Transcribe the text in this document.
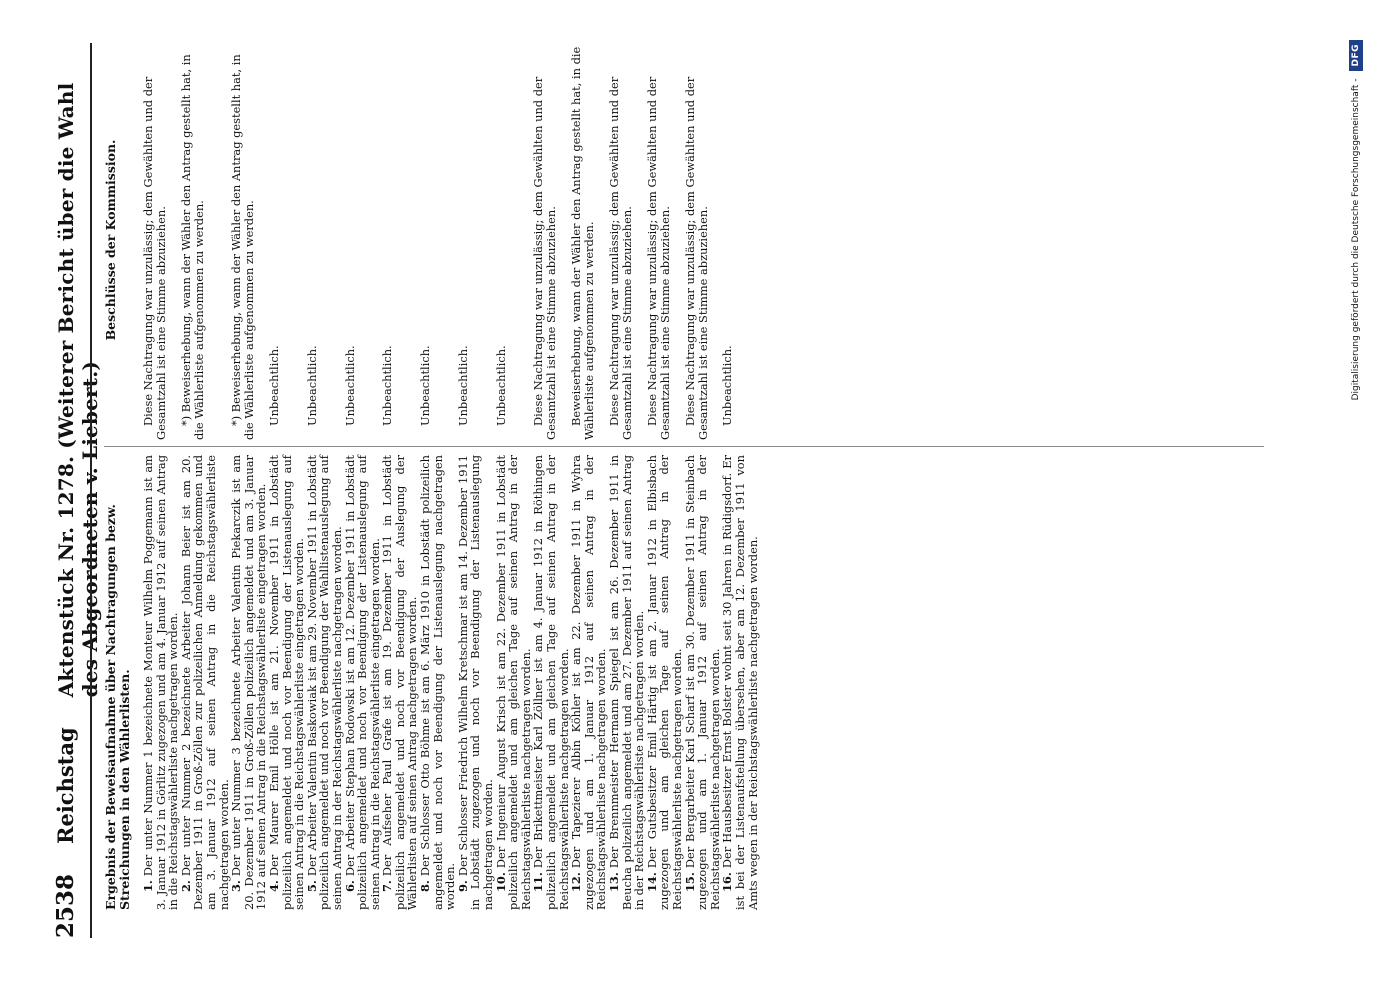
2538
Reichstag
Aktenstück Nr. 1278. (Weiterer Bericht über die Wahl des Abgeordneten v. Liebert.) Ergebnis der Beweisaufnahme über Nachtragungen bezw. Streichungen in den Wählerlisten. 1.Der unter Nummer 1 bezeichnete Monteur Wilhelm Poggemann ist am 3. Januar 1912 in Görlitz zugezogen und am 4. Januar 1912 auf seinen Antrag in die Reichstagswählerliste nachgetragen worden.
2.Der unter Nummer 2 bezeichnete Arbeiter Johann Beier ist am 20. Dezember 1911 in Groß-Zöllen zur polizeilichen Anmeldung gekommen und am 3. Januar 1912 auf seinen Antrag in die Reichstagswählerliste nachgetragen worden.
3.Der unter Nummer 3 bezeichnete Arbeiter Valentin Piekarczik ist am 20. Dezember 1911 in Groß-Zöllen polizeilich angemeldet und am 3. Januar 1912 auf seinen Antrag in die Reichstagswählerliste eingetragen worden.
4.Der Maurer Emil Hölle ist am 21. November 1911 in Lobstädt polizeilich angemeldet und noch vor Beendigung der Listenauslegung auf seinen Antrag in die Reichstagswählerliste eingetragen worden.
5.Der Arbeiter Valentin Baskowiak ist am 29. November 1911 in Lobstädt polizeilich angemeldet und noch vor Beendigung der Wahllistenauslegung auf seinen Antrag in der Reichstagswählerliste nachgetragen worden.
6.Der Arbeiter Stephan Rodowski ist am 12. Dezember 1911 in Lobstädt polizeilich angemeldet und noch vor Beendigung der Listenauslegung auf seinen Antrag in die Reichstagswählerliste eingetragen worden.
7.Der Aufseher Paul Grafe ist am 19. Dezember 1911 in Lobstädt polizeilich angemeldet und noch vor Beendigung der Auslegung der Wählerlisten auf seinen Antrag nachgetragen worden.
8.Der Schlosser Otto Böhme ist am 6. März 1910 in Lobstädt polizeilich angemeldet und noch vor Beendigung der Listenauslegung nachgetragen worden.
9.Der Schlosser Friedrich Wilhelm Kretschmar ist am 14. Dezember 1911 in Lobstädt zugezogen und noch vor Beendigung der Listenauslegung nachgetragen worden.
10.Der Ingenieur August Krisch ist am 22. Dezember 1911 in Lobstädt polizeilich angemeldet und am gleichen Tage auf seinen Antrag in der Reichstagswählerliste nachgetragen worden.
11.Der Brikettmeister Karl Zöllner ist am 4. Januar 1912 in Röthingen polizeilich angemeldet und am gleichen Tage auf seinen Antrag in der Reichstagswählerliste nachgetragen worden.
12.Der Tapezierer Albin Köhler ist am 22. Dezember 1911 in Wyhra zugezogen und am 1. Januar 1912 auf seinen Antrag in der Reichstagswählerliste nachgetragen worden.
13.Der Brennmeister Hermann Spiegel ist am 26. Dezember 1911 in Beucha polizeilich angemeldet und am 27. Dezember 1911 auf seinen Antrag in der Reichstagswählerliste nachgetragen worden.
14.Der Gutsbesitzer Emil Härtig ist am 2. Januar 1912 in Elbisbach zugezogen und am gleichen Tage auf seinen Antrag in der Reichstagswählerliste nachgetragen worden.
15.Der Bergarbeiter Karl Scharf ist am 30. Dezember 1911 in Steinbach zugezogen und am 1. Januar 1912 auf seinen Antrag in der Reichstagswählerliste nachgetragen worden.
16.Der Hausbesitzer Ernst Bolster wohnt seit 30 Jahren in Rüdigsdorf. Er ist bei der Listenaufstellung übersehen, aber am 12. Dezember 1911 von Amts wegen in der Reichstagswählerliste nachgetragen worden.
Beschlüsse der Kommission. Diese Nachtragung war unzulässig; dem Gewählten und der Gesamtzahl ist eine Stimme abzuziehen. *) Beweiserhebung, wann der Wähler den Antrag gestellt hat, in die Wählerliste aufgenommen zu werden. *) Beweiserhebung, wann der Wähler den Antrag gestellt hat, in die Wählerliste aufgenommen zu werden. Unbeachtlich. Unbeachtlich. Unbeachtlich. Unbeachtlich. Unbeachtlich. Unbeachtlich. Unbeachtlich. Diese Nachtragung war unzulässig; dem Gewählten und der Gesamtzahl ist eine Stimme abzuziehen. Beweiserhebung, wann der Wähler den Antrag gestellt hat, in die Wählerliste aufgenommen zu werden. Diese Nachtragung war unzulässig; dem Gewählten und der Gesamtzahl ist eine Stimme abzuziehen. Diese Nachtragung war unzulässig; dem Gewählten und der Gesamtzahl ist eine Stimme abzuziehen. Diese Nachtragung war unzulässig; dem Gewählten und der Gesamtzahl ist eine Stimme abzuziehen. Unbeachtlich.	Digitalisierung gefördert durch die Deutsche Forschungsgemeinschaft -
DFG
